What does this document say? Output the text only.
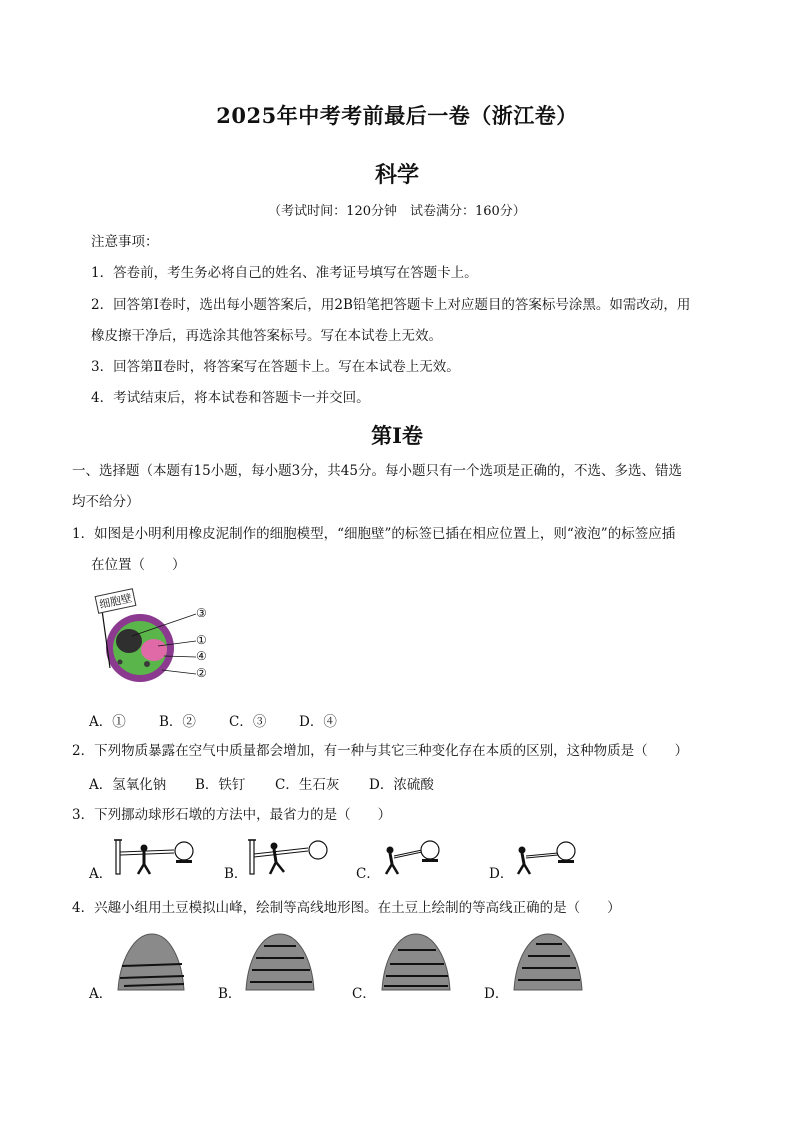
2025年中考考前最后一卷（浙江卷）
科学
（考试时间：120分钟　试卷满分：160分）
注意事项：
1．答卷前，考生务必将自己的姓名、准考证号填写在答题卡上。
2．回答第Ⅰ卷时，选出每小题答案后，用2B铅笔把答题卡上对应题目的答案标号涂黑。如需改动，用
橡皮擦干净后，再选涂其他答案标号。写在本试卷上无效。
3．回答第Ⅱ卷时，将答案写在答题卡上。写在本试卷上无效。
4．考试结束后，将本试卷和答题卡一并交回。
第Ⅰ卷
一、选择题（本题有15小题，每小题3分，共45分。每小题只有一个选项是正确的，不选、多选、错选
均不给分）
1．如图是小明利用橡皮泥制作的细胞模型，“细胞壁”的标签已插在相应位置上，则“液泡”的标签应插
在位置（　　）
细胞壁
③
①
④
②
A．① B．② C．③ D．④
2．下列物质暴露在空气中质量都会增加，有一种与其它三种变化存在本质的区别，这种物质是（　　）
A．氢氧化钠 B．铁钉 C．生石灰 D．浓硫酸
3．下列挪动球形石墩的方法中，最省力的是（　　）
A．	B．	C．	D．
4．兴趣小组用土豆模拟山峰，绘制等高线地形图。在土豆上绘制的等高线正确的是（　　）
A．	B．	C．	D．
